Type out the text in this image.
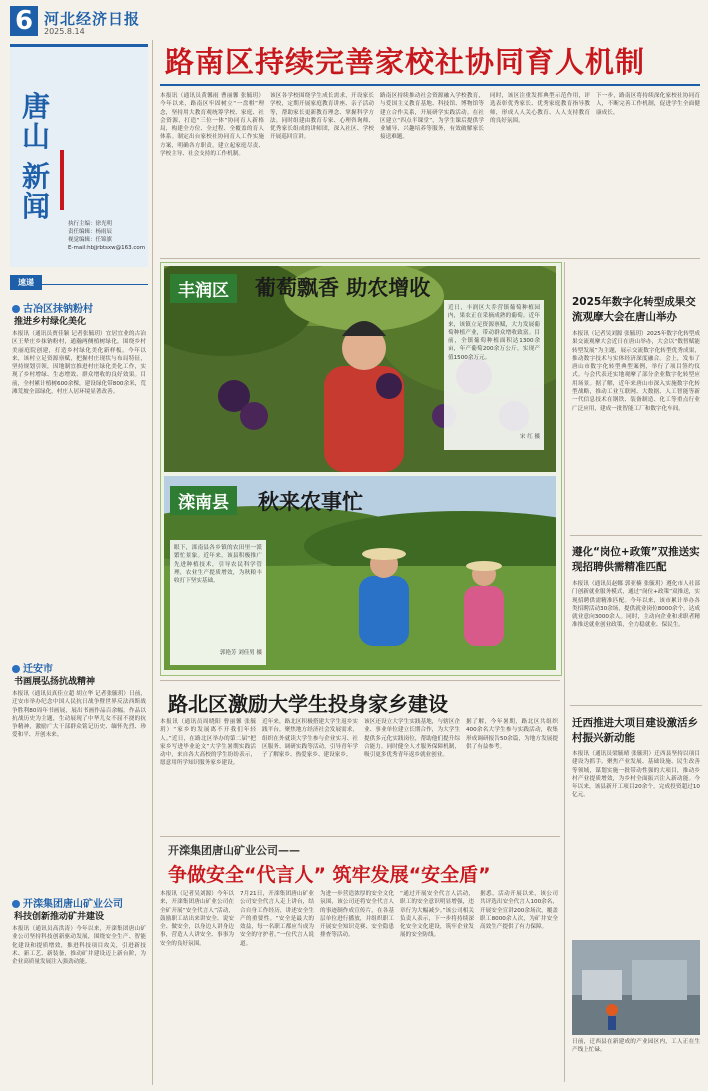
6 河北经济日报
2025.8.14
唐
山
新
闻
执行主编：徐光明
责任编辑：杨雨辰
视觉编辑：任锦旗
E-mail:hbjjrbtsxw@163.com
速递
古冶区抹钠粉村
推进乡村绿化美化
本报讯（通讯员贾佳颖 记者张毓玥）宜居宜业的古冶区王辇庄乡抹钠粉村，通瀚两侧植树绿化，围绕乡村美丽庭院创建，打造乡村绿化美化新样板。今年以来，该村立足资源禀赋，把握村庄现状与布局特征，坚持规划引领，因地制宜推进村庄绿化美化工作，实现了乡村增绿、生态增效、群众增收的良好效果。目前，全村累计植树600余棵，建设绿化带800余米，荒滩荒坡全部绿化，村庄人居环境显著改善。
迁安市
书画展弘扬抗战精神
本报讯（通讯员真佳立超 胡立华 记者张毓玥）日前，迁安市举办纪念中国人民抗日战争暨世界反法西斯战争胜利80周年书画展，展出书画作品百余幅。作品以抗战历史为主题，生动展现了中华儿女不屈不挠的抗争精神，激励广大干部群众铭记历史、缅怀先烈、珍爱和平、开创未来。
开滦集团唐山矿业公司
科技创新推动矿井建设
本报讯（通讯员高洪涛）今年以来，开滦集团唐山矿业公司坚持科技创新驱动发展，围绕安全生产、智能化建设和提质增效，推进科技项目攻关，引进新技术、新工艺、新装备，推动矿井建设迈上新台阶，为企业高质量发展注入强劲动能。
路南区持续完善家校社协同育人机制
本报讯（通讯员黄馨雨 曹丽馨 张毓玥）今年以来，路南区牢固树立“一盘棋”理念，坚持用大教育观统筹学校、家庭、社会资源，打造“三位一体”协同育人新格局，构建全方位、全过程、全覆盖的育人体系。制定出台家校社协同育人工作实施方案，明确各方职责，建立起家庭尽责、学校主导、社会支持的工作机制。
该区各学校围绕学生成长需求，开设家长学校，定期开展家庭教育讲座、亲子活动等，帮助家长更新教育理念、掌握科学方法。同时组建由教育专家、心理咨询师、优秀家长组成的讲师团，深入社区、学校开展巡回宣讲。
路南区持续推动社会资源融入学校教育，与爱国主义教育基地、科技馆、博物馆等建立合作关系，开展研学实践活动。在社区建立“四点半课堂”，为学生课后提供学业辅导、兴趣培养等服务，有效破解家长接送难题。
同时，该区注重发挥典型示范作用，评选表彰优秀家长、优秀家庭教育指导教师，形成人人关心教育、人人支持教育的良好氛围。
下一步，路南区将持续深化家校社协同育人，不断完善工作机制，促进学生全面健康成长。
丰润区	葡萄飘香 助农增收
近日，丰润区大乔营镇葡萄种植园内，果农正在采摘成熟的葡萄。近年来，该镇立足资源禀赋，大力发展葡萄种植产业，带动群众增收致富。目前，全镇葡萄种植面积达1300余亩，年产葡萄200余万公斤，实现产值1500余万元。
宋 红 摄
眼下，滦南县各乡镇的农田里一派繁忙景象。近年来，该县积极推广先进种植技术，引导农民科学管理，农业生产提质增效，为秋粮丰收打下坚实基础。
郭艳芳 刘佳男 摄
滦南县	秋来农事忙
2025年数字化转型成果交流观摩大会在唐山举办
本报讯（记者吴刘源 张毓玥）2025年数字化转型成果交流观摩大会近日在唐山举办，大会以“数智赋能 转型发展”为主题，展示交流数字化转型优秀成果，推动数字技术与实体经济深度融合。会上，发布了唐山市数字化转型典型案例，举行了项目签约仪式。与会代表还实地观摩了部分企业数字化转型应用场景。据了解，近年来唐山市深入实施数字化转型战略，推动工业互联网、大数据、人工智能等新一代信息技术在钢铁、装备制造、化工等重点行业广泛应用，建成一批智能工厂和数字化车间。
遵化“岗位+政策”双推送实现招聘供需精准匹配
本报讯（通讯员赵娜 郭亚楠 张毓玥）遵化市人社部门创新就业服务模式，通过“岗位+政策”双推送，实现招聘供需精准匹配。今年以来，该市累计举办各类招聘活动30余场，提供就业岗位8000余个，达成就业意向3000余人。同时，主动向企业和求职者精准推送就业创业政策，全力稳就业、保民生。
迁西推进大项目建设激活乡村振兴新动能
本报讯（通讯员梁毓晴 张毓玥）迁西县坚持以项目建设为抓手，聚焦产业发展、基础设施、民生改善等领域，谋划实施一批带动性强的大项目，推动乡村产业提质增效，为乡村全面振兴注入新动能。今年以来，该县新开工项目20余个，完成投资超过10亿元。
日前，迁西县在新建成的产业园区内，工人正在生产线上忙碌。
路北区激励大学生投身家乡建设
本报讯（通讯员周晓阳 曹丽馨 张毓玥）“家乡的发展离不开我们年轻人。”近日，在路北区举办的第二届“把家乡写进毕业论文”大学生暑期实践活动中，来自各大高校的学生纷纷表示，愿意用所学知识服务家乡建设。
近年来，路北区积极搭建大学生返乡实践平台，聚焦地方经济社会发展需求，组织在外就读大学生参与企业实习、社区服务、调研实践等活动，引导青年学子了解家乡、热爱家乡、建设家乡。
该区还设立大学生实践基地，与辖区企业、事业单位建立长期合作，为大学生提供多元化实践岗位，帮助他们提升综合能力。同时健全人才服务保障机制，吸引更多优秀青年返乡就业创业。
据了解，今年暑期，路北区共组织400余名大学生参与实践活动，收集形成调研报告50余篇，为地方发展提供了有益参考。
开滦集团唐山矿业公司——
争做安全“代言人” 筑牢发展“安全盾”
本报讯（记者吴刘源）今年以来，开滦集团唐山矿业公司在全矿开展“安全代言人”活动，鼓励职工站出来讲安全、说安全、做安全，以身边人讲身边事，营造人人讲安全、事事为安全的良好氛围。
7月21日，开滦集团唐山矿业公司安全代言人走上讲台，结合自身工作经历，讲述安全生产的重要性。“安全是最大的效益，每一名职工都应当成为安全的守护者。”一位代言人说道。
为进一步营造浓厚的安全文化氛围，该公司还将安全代言人的事迹制作成宣传片，在各基层单位进行播放，并组织职工开展安全知识竞赛、安全隐患排查等活动。
“通过开展安全代言人活动，职工的安全意识明显增强，违章行为大幅减少。”该公司相关负责人表示，下一步将持续深化安全文化建设，筑牢企业发展的安全防线。
据悉，活动开展以来，该公司共评选出安全代言人100余名，开展安全宣讲200余场次，覆盖职工8000余人次，为矿井安全高效生产提供了有力保障。
